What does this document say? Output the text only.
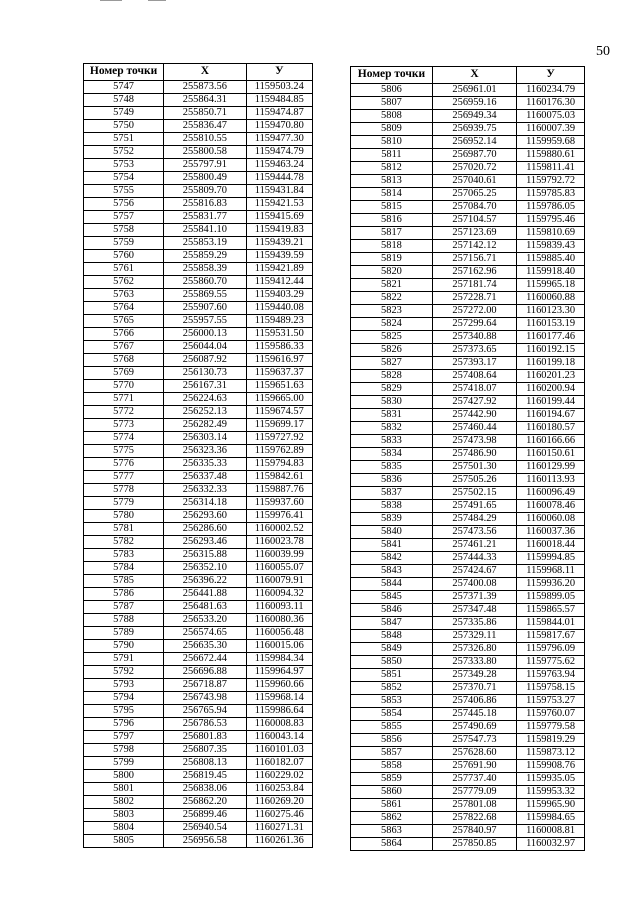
50
Номер точки	X	У
5747	255873.56	1159503.24
5748	255864.31	1159484.85
5749	255850.71	1159474.87
5750	255836.47	1159470.80
5751	255810.55	1159477.30
5752	255800.58	1159474.79
5753	255797.91	1159463.24
5754	255800.49	1159444.78
5755	255809.70	1159431.84
5756	255816.83	1159421.53
5757	255831.77	1159415.69
5758	255841.10	1159419.83
5759	255853.19	1159439.21
5760	255859.29	1159439.59
5761	255858.39	1159421.89
5762	255860.70	1159412.44
5763	255869.55	1159403.29
5764	255907.60	1159440.08
5765	255957.55	1159489.23
5766	256000.13	1159531.50
5767	256044.04	1159586.33
5768	256087.92	1159616.97
5769	256130.73	1159637.37
5770	256167.31	1159651.63
5771	256224.63	1159665.00
5772	256252.13	1159674.57
5773	256282.49	1159699.17
5774	256303.14	1159727.92
5775	256323.36	1159762.89
5776	256335.33	1159794.83
5777	256337.48	1159842.61
5778	256332.33	1159887.76
5779	256314.18	1159937.60
5780	256293.60	1159976.41
5781	256286.60	1160002.52
5782	256293.46	1160023.78
5783	256315.88	1160039.99
5784	256352.10	1160055.07
5785	256396.22	1160079.91
5786	256441.88	1160094.32
5787	256481.63	1160093.11
5788	256533.20	1160080.36
5789	256574.65	1160056.48
5790	256635.30	1160015.06
5791	256672.44	1159984.34
5792	256696.88	1159964.97
5793	256718.87	1159960.66
5794	256743.98	1159968.14
5795	256765.94	1159986.64
5796	256786.53	1160008.83
5797	256801.83	1160043.14
5798	256807.35	1160101.03
5799	256808.13	1160182.07
5800	256819.45	1160229.02
5801	256838.06	1160253.84
5802	256862.20	1160269.20
5803	256899.46	1160275.46
5804	256940.54	1160271.31
5805	256956.58	1160261.36
Номер точки	X	У
5806	256961.01	1160234.79
5807	256959.16	1160176.30
5808	256949.34	1160075.03
5809	256939.75	1160007.39
5810	256952.14	1159959.68
5811	256987.70	1159880.61
5812	257020.72	1159811.41
5813	257040.61	1159792.72
5814	257065.25	1159785.83
5815	257084.70	1159786.05
5816	257104.57	1159795.46
5817	257123.69	1159810.69
5818	257142.12	1159839.43
5819	257156.71	1159885.40
5820	257162.96	1159918.40
5821	257181.74	1159965.18
5822	257228.71	1160060.88
5823	257272.00	1160123.30
5824	257299.64	1160153.19
5825	257340.88	1160177.46
5826	257373.65	1160192.15
5827	257393.17	1160199.18
5828	257408.64	1160201.23
5829	257418.07	1160200.94
5830	257427.92	1160199.44
5831	257442.90	1160194.67
5832	257460.44	1160180.57
5833	257473.98	1160166.66
5834	257486.90	1160150.61
5835	257501.30	1160129.99
5836	257505.26	1160113.93
5837	257502.15	1160096.49
5838	257491.65	1160078.46
5839	257484.29	1160060.08
5840	257473.56	1160037.36
5841	257461.21	1160018.44
5842	257444.33	1159994.85
5843	257424.67	1159968.11
5844	257400.08	1159936.20
5845	257371.39	1159899.05
5846	257347.48	1159865.57
5847	257335.86	1159844.01
5848	257329.11	1159817.67
5849	257326.80	1159796.09
5850	257333.80	1159775.62
5851	257349.28	1159763.94
5852	257370.71	1159758.15
5853	257406.86	1159753.27
5854	257445.18	1159760.07
5855	257490.69	1159779.58
5856	257547.73	1159819.29
5857	257628.60	1159873.12
5858	257691.90	1159908.76
5859	257737.40	1159935.05
5860	257779.09	1159953.32
5861	257801.08	1159965.90
5862	257822.68	1159984.65
5863	257840.97	1160008.81
5864	257850.85	1160032.97
